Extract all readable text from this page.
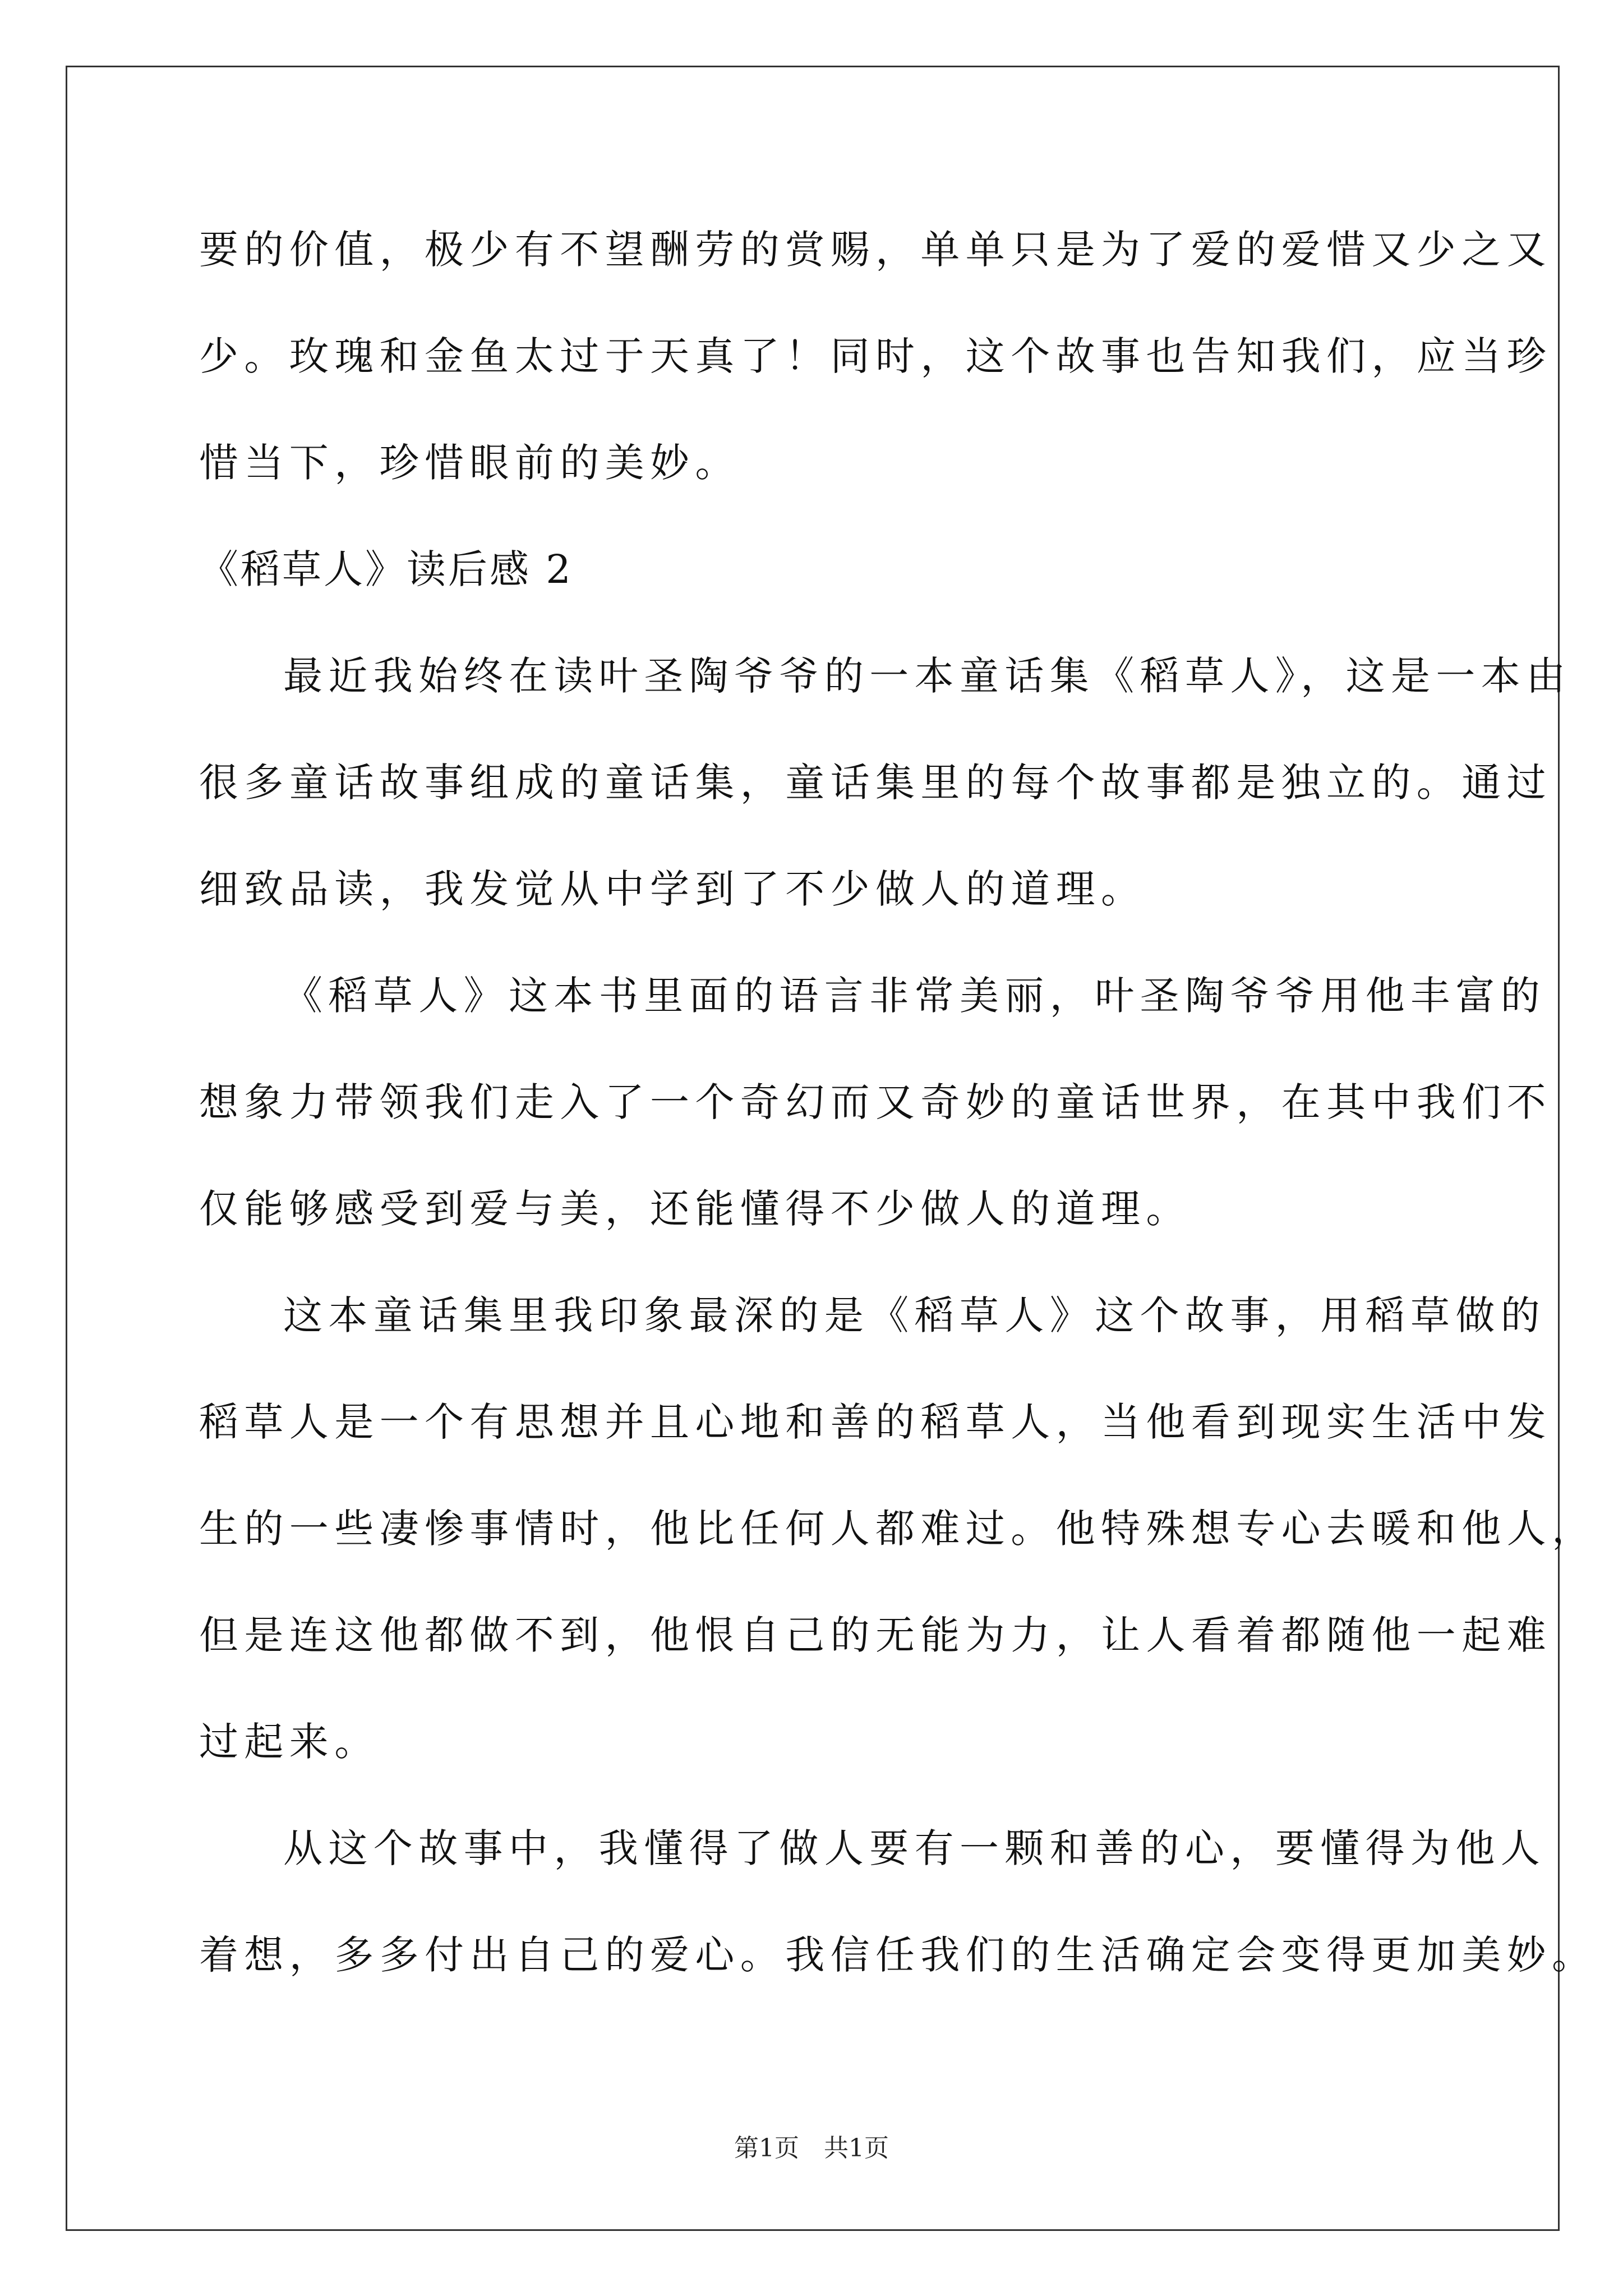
要的价值，极少有不望酬劳的赏赐，单单只是为了爱的爱惜又少之又
少。玫瑰和金鱼太过于天真了！同时，这个故事也告知我们，应当珍
惜当下，珍惜眼前的美妙。
《稻草人》读后感 2
最近我始终在读叶圣陶爷爷的一本童话集《稻草人》，这是一本由
很多童话故事组成的童话集，童话集里的每个故事都是独立的。通过
细致品读，我发觉从中学到了不少做人的道理。
《稻草人》这本书里面的语言非常美丽，叶圣陶爷爷用他丰富的
想象力带领我们走入了一个奇幻而又奇妙的童话世界，在其中我们不
仅能够感受到爱与美，还能懂得不少做人的道理。
这本童话集里我印象最深的是《稻草人》这个故事，用稻草做的
稻草人是一个有思想并且心地和善的稻草人，当他看到现实生活中发
生的一些凄惨事情时，他比任何人都难过。他特殊想专心去暖和他人，
但是连这他都做不到，他恨自己的无能为力，让人看着都随他一起难
过起来。
从这个故事中，我懂得了做人要有一颗和善的心，要懂得为他人
着想，多多付出自己的爱心。我信任我们的生活确定会变得更加美妙。
第1页　共1页
